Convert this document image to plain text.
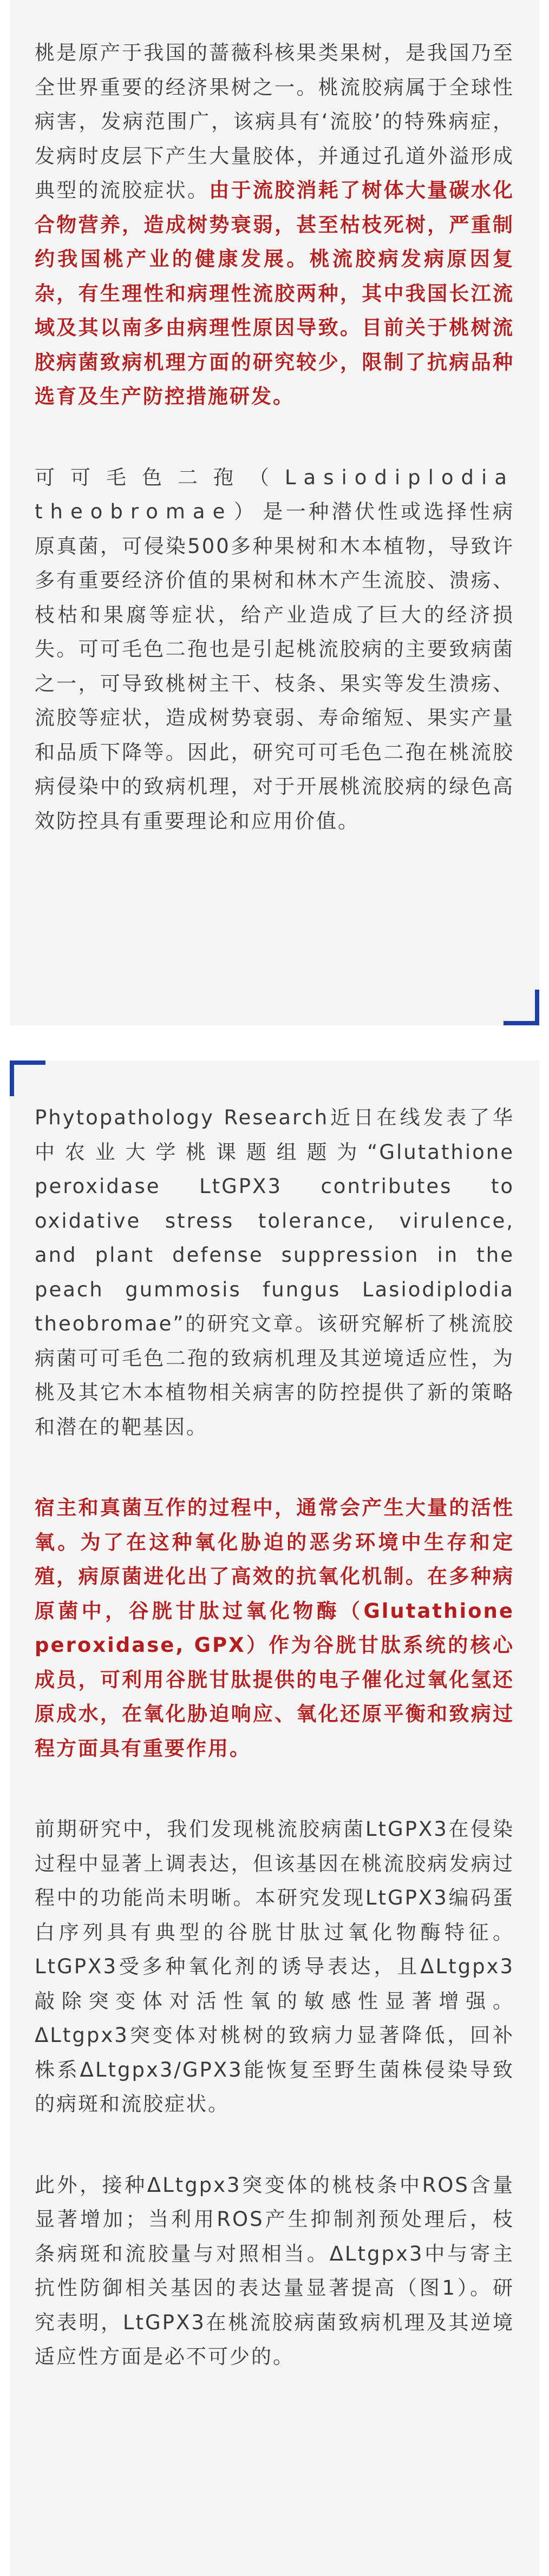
桃是原产于我国的蔷薇科核果类果树，是我国乃至全世界重要的经济果树之一。桃流胶病属于全球性病害，发病范围广，该病具有‘流胶’的特殊病症，发病时皮层下产生大量胶体，并通过孔道外溢形成典型的流胶症状。由于流胶消耗了树体大量碳水化合物营养，造成树势衰弱，甚至枯枝死树，严重制约我国桃产业的健康发展。桃流胶病发病原因复杂，有生理性和病理性流胶两种，其中我国长江流域及其以南多由病理性原因导致。目前关于桃树流胶病菌致病机理方面的研究较少，限制了抗病品种选育及生产防控措施研发。

可可毛色二孢（Lasiodiplodia theobromae）是一种潜伏性或选择性病原真菌，可侵染500多种果树和木本植物，导致许多有重要经济价值的果树和林木产生流胶、溃疡、枝枯和果腐等症状，给产业造成了巨大的经济损失。可可毛色二孢也是引起桃流胶病的主要致病菌之一，可导致桃树主干、枝条、果实等发生溃疡、流胶等症状，造成树势衰弱、寿命缩短、果实产量和品质下降等。因此，研究可可毛色二孢在桃流胶病侵染中的致病机理，对于开展桃流胶病的绿色高效防控具有重要理论和应用价值。

Phytopathology Research近日在线发表了华中农业大学桃课题组题为“Glutathione peroxidase LtGPX3 contributes to oxidative stress tolerance, virulence, and plant defense suppression in the peach gummosis fungus Lasiodiplodia theobromae”的研究文章。该研究解析了桃流胶病菌可可毛色二孢的致病机理及其逆境适应性，为桃及其它木本植物相关病害的防控提供了新的策略和潜在的靶基因。

宿主和真菌互作的过程中，通常会产生大量的活性氧。为了在这种氧化胁迫的恶劣环境中生存和定殖，病原菌进化出了高效的抗氧化机制。在多种病原菌中，谷胱甘肽过氧化物酶（Glutathione peroxidase, GPX）作为谷胱甘肽系统的核心成员，可利用谷胱甘肽提供的电子催化过氧化氢还原成水，在氧化胁迫响应、氧化还原平衡和致病过程方面具有重要作用。

前期研究中，我们发现桃流胶病菌LtGPX3在侵染过程中显著上调表达，但该基因在桃流胶病发病过程中的功能尚未明晰。本研究发现LtGPX3编码蛋白序列具有典型的谷胱甘肽过氧化物酶特征。LtGPX3受多种氧化剂的诱导表达，且ΔLtgpx3敲除突变体对活性氧的敏感性显著增强。ΔLtgpx3突变体对桃树的致病力显著降低，回补株系ΔLtgpx3/GPX3能恢复至野生菌株侵染导致的病斑和流胶症状。

此外，接种ΔLtgpx3突变体的桃枝条中ROS含量显著增加；当利用ROS产生抑制剂预处理后，枝条病斑和流胶量与对照相当。ΔLtgpx3中与寄主抗性防御相关基因的表达量显著提高（图1）。研究表明，LtGPX3在桃流胶病菌致病机理及其逆境适应性方面是必不可少的。
